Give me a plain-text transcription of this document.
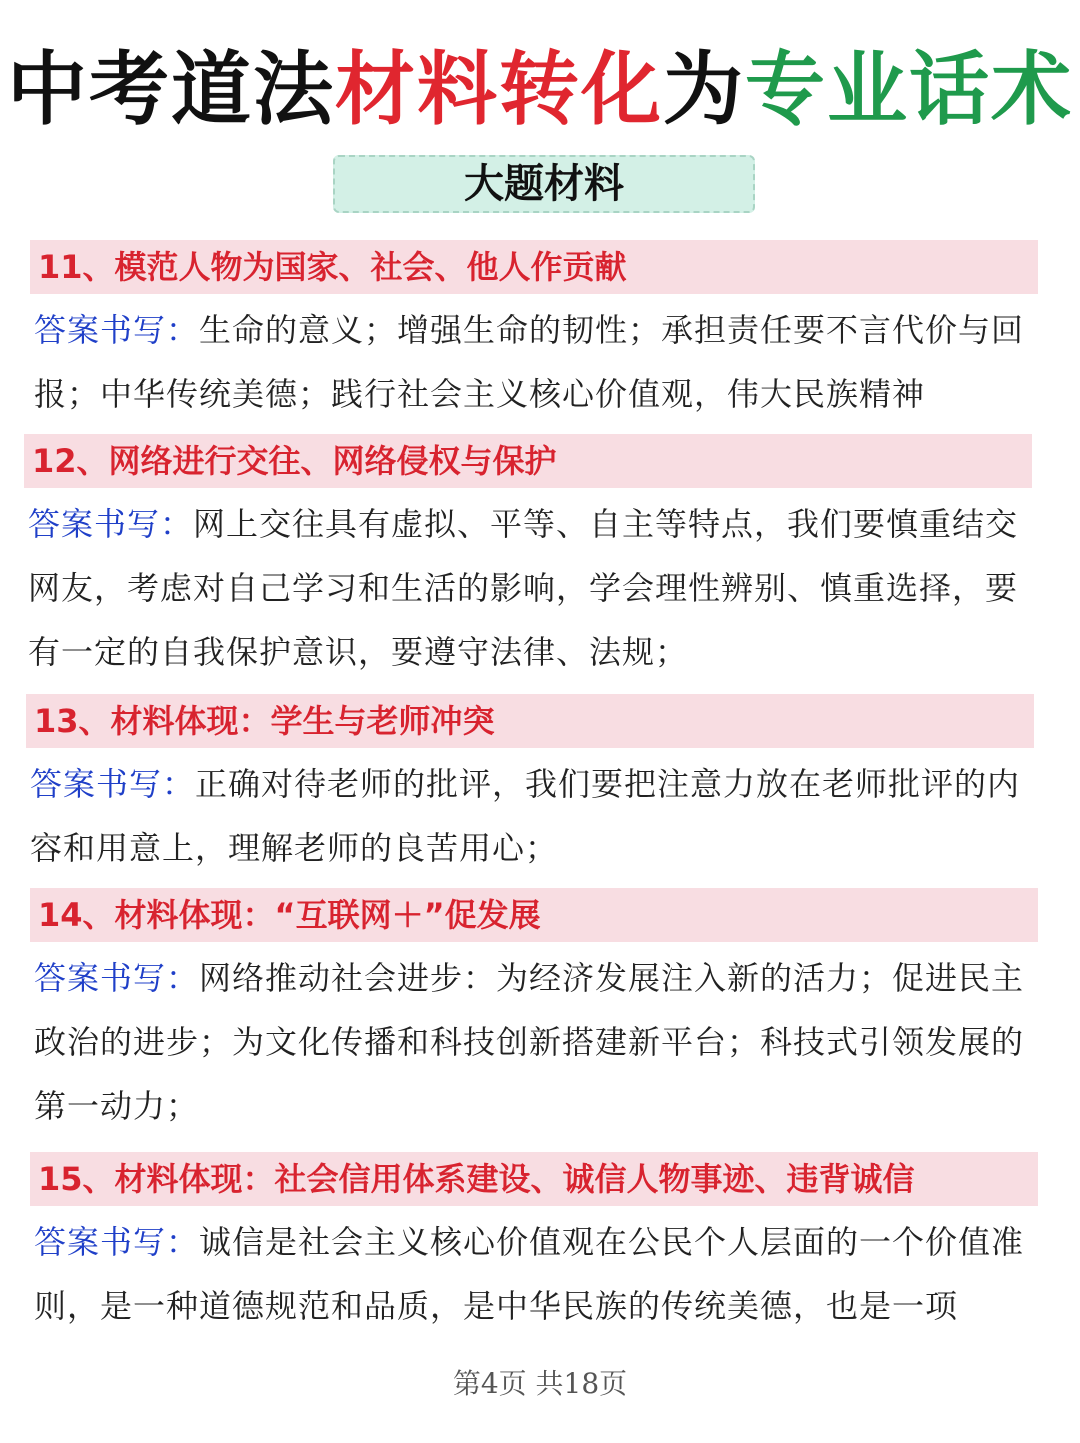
中考道法材料转化为专业话术
大题材料
11、模范人物为国家、社会、他人作贡献
答案书写：生命的意义；增强生命的韧性；承担责任要不言代价与回报；中华传统美德；践行社会主义核心价值观，伟大民族精神
12、网络进行交往、网络侵权与保护
答案书写：网上交往具有虚拟、平等、自主等特点，我们要慎重结交网友，考虑对自己学习和生活的影响，学会理性辨别、慎重选择，要有一定的自我保护意识，要遵守法律、法规；
13、材料体现：学生与老师冲突
答案书写：正确对待老师的批评，我们要把注意力放在老师批评的内容和用意上，理解老师的良苦用心；
14、材料体现：“互联网＋”促发展
答案书写：网络推动社会进步：为经济发展注入新的活力；促进民主政治的进步；为文化传播和科技创新搭建新平台；科技式引领发展的第一动力；
15、材料体现：社会信用体系建设、诚信人物事迹、违背诚信
答案书写：诚信是社会主义核心价值观在公民个人层面的一个价值准则，是一种道德规范和品质，是中华民族的传统美德，也是一项
第4页 共18页
